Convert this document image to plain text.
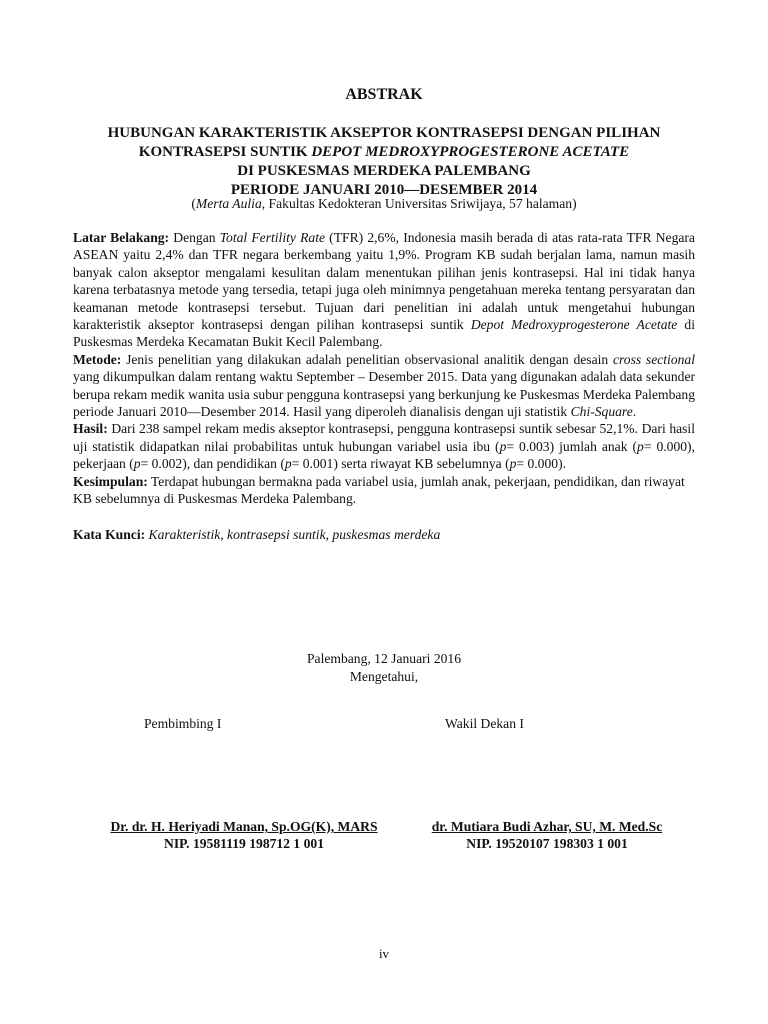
ABSTRAK
HUBUNGAN KARAKTERISTIK AKSEPTOR KONTRASEPSI DENGAN PILIHAN
KONTRASEPSI SUNTIK DEPOT MEDROXYPROGESTERONE ACETATE
DI PUSKESMAS MERDEKA PALEMBANG
PERIODE JANUARI 2010—DESEMBER 2014
(Merta Aulia, Fakultas Kedokteran Universitas Sriwijaya, 57 halaman)

Latar Belakang: Dengan Total Fertility Rate (TFR) 2,6%, Indonesia masih berada di atas rata-rata TFR Negara ASEAN yaitu 2,4% dan TFR negara berkembang yaitu 1,9%. Program KB sudah berjalan lama, namun masih banyak calon akseptor mengalami kesulitan dalam menentukan pilihan jenis kontrasepsi. Hal ini tidak hanya karena terbatasnya metode yang tersedia, tetapi juga oleh minimnya pengetahuan mereka tentang persyaratan dan keamanan metode kontrasepsi tersebut. Tujuan dari penelitian ini adalah untuk mengetahui hubungan karakteristik akseptor kontrasepsi dengan pilihan kontrasepsi suntik Depot Medroxyprogesterone Acetate di Puskesmas Merdeka Kecamatan Bukit Kecil Palembang.

Metode: Jenis penelitian yang dilakukan adalah penelitian observasional analitik dengan desain cross sectional yang dikumpulkan dalam rentang waktu September – Desember 2015. Data yang digunakan adalah data sekunder berupa rekam medik wanita usia subur pengguna kontrasepsi yang berkunjung ke Puskesmas Merdeka Palembang periode Januari 2010—Desember 2014. Hasil yang diperoleh dianalisis dengan uji statistik Chi-Square.

Hasil: Dari 238 sampel rekam medis akseptor kontrasepsi, pengguna kontrasepsi suntik sebesar 52,1%. Dari hasil uji statistik didapatkan nilai probabilitas untuk hubungan variabel usia ibu (p= 0.003) jumlah anak (p= 0.000), pekerjaan (p= 0.002), dan pendidikan (p= 0.001) serta riwayat KB sebelumnya (p= 0.000).

Kesimpulan: Terdapat hubungan bermakna pada variabel usia, jumlah anak, pekerjaan, pendidikan, dan riwayat KB sebelumnya di Puskesmas Merdeka Palembang.

Kata Kunci: Karakteristik, kontrasepsi suntik, puskesmas merdeka

Palembang, 12 Januari 2016
Mengetahui,
Pembimbing I	Wakil Dekan I
Dr. dr. H. Heriyadi Manan, Sp.OG(K), MARS
NIP. 19581119 198712 1 001
dr. Mutiara Budi Azhar, SU, M. Med.Sc
NIP. 19520107 198303 1 001
iv
